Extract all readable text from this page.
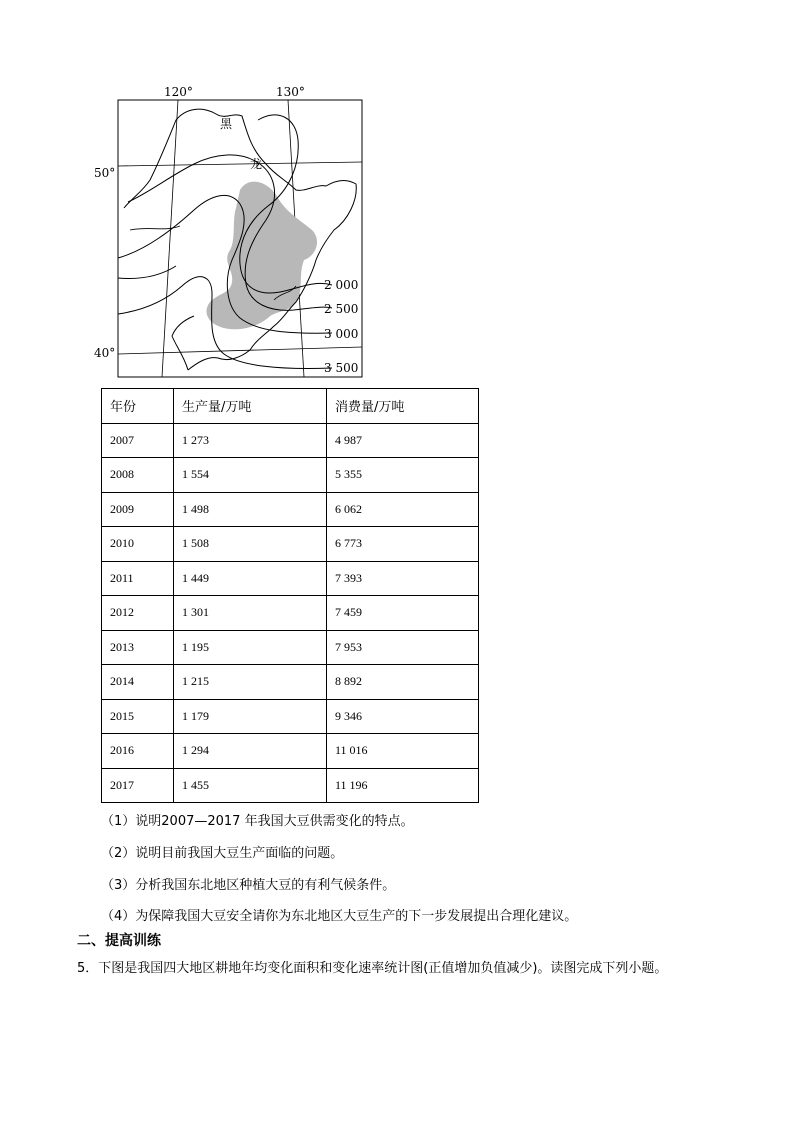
120°	130°
50°
40°
黑
龙
2 000
2 500
3 000
3 500
年份	生产量/万吨	消费量/万吨
2007	1 273	4 987
2008	1 554	5 355
2009	1 498	6 062
2010	1 508	6 773
2011	1 449	7 393
2012	1 301	7 459
2013	1 195	7 953
2014	1 215	8 892
2015	1 179	9 346
2016	1 294	11 016
2017	1 455	11 196
（1）说明2007—2017 年我国大豆供需变化的特点。
（2）说明目前我国大豆生产面临的问题。
（3）分析我国东北地区种植大豆的有利气候条件。
（4）为保障我国大豆安全请你为东北地区大豆生产的下一步发展提出合理化建议。
二、提高训练
5．下图是我国四大地区耕地年均变化面积和变化速率统计图(正值增加负值减少)。读图完成下列小题。
